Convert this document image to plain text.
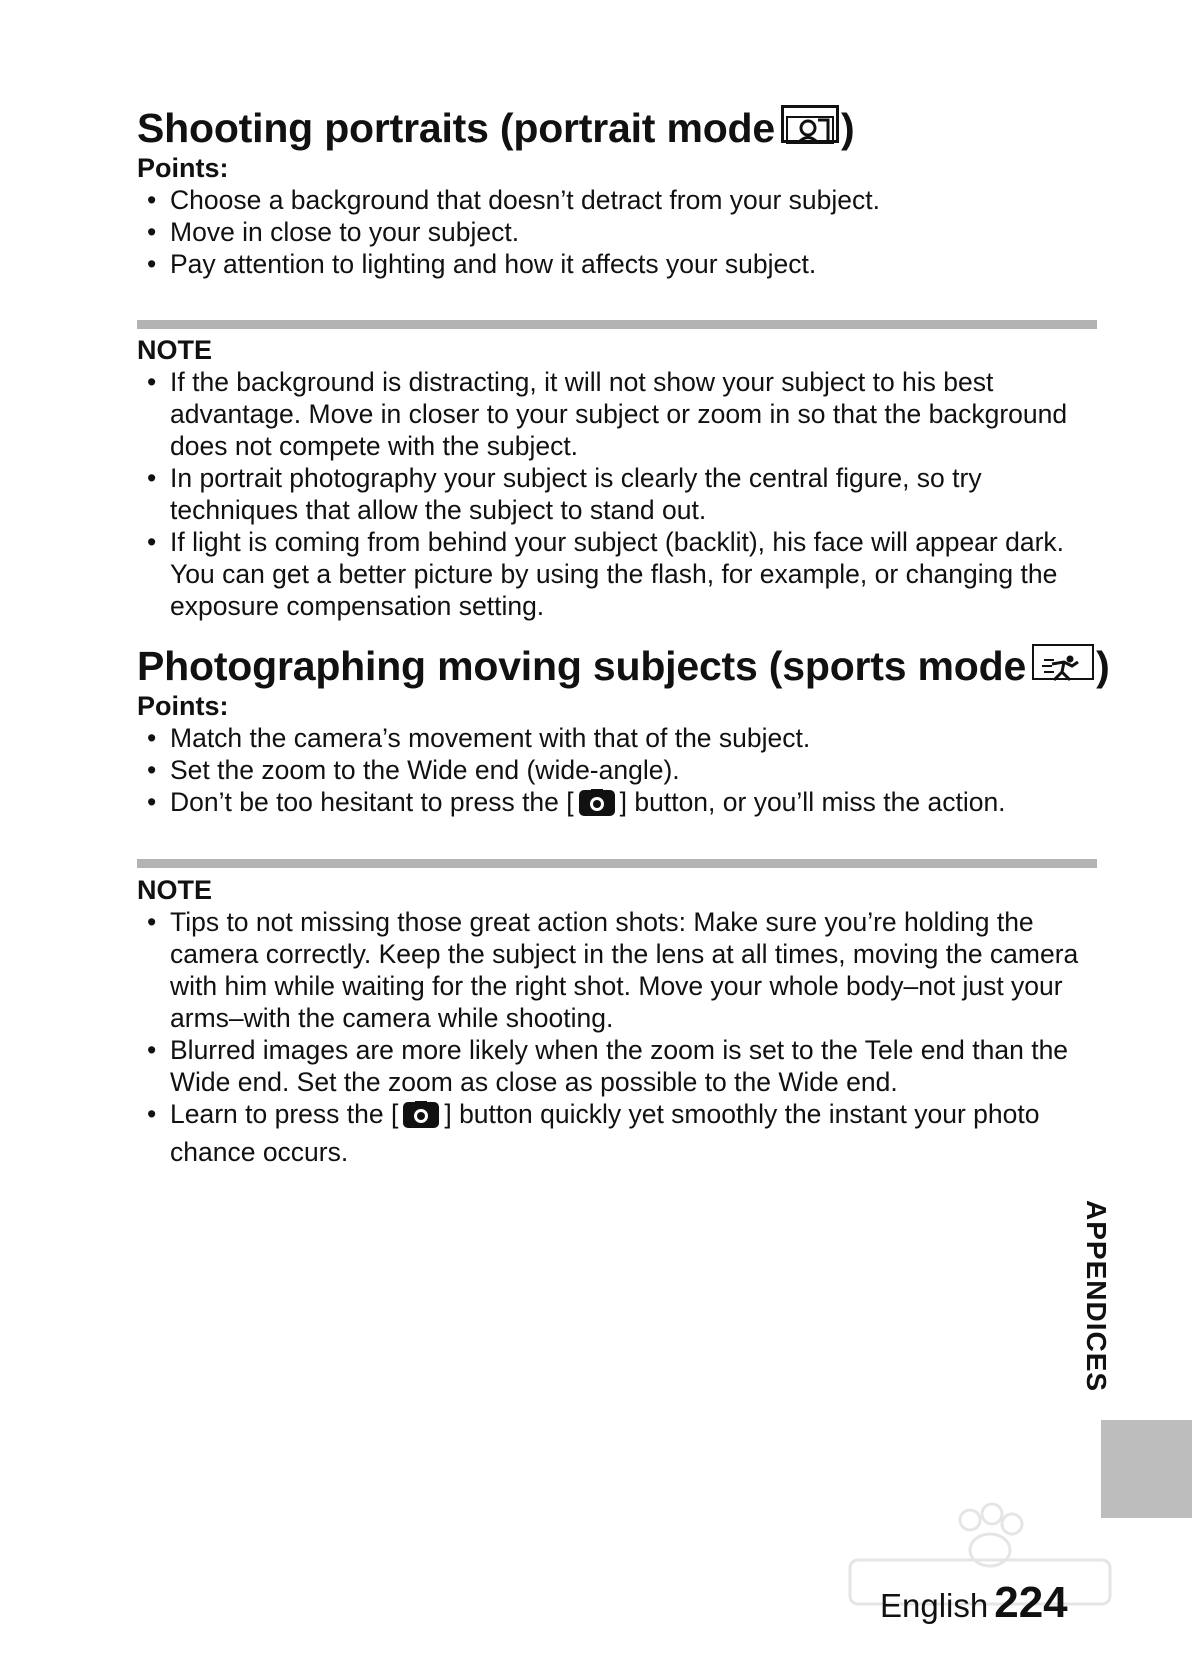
Shooting portraits (portrait mode )

Points:

• Choose a background that doesn’t detract from your subject.
• Move in close to your subject.
• Pay attention to lighting and how it affects your subject.

NOTE

• If the background is distracting, it will not show your subject to his best advantage. Move in closer to your subject or zoom in so that the background does not compete with the subject.
• In portrait photography your subject is clearly the central figure, so try techniques that allow the subject to stand out.
• If light is coming from behind your subject (backlit), his face will appear dark. You can get a better picture by using the flash, for example, or changing the exposure compensation setting.
Photographing moving subjects (sports mode )

Points:

• Match the camera’s movement with that of the subject.
• Set the zoom to the Wide end (wide-angle).
• Don’t be too hesitant to press the [ ] button, or you’ll miss the action.

NOTE

• Tips to not missing those great action shots: Make sure you’re holding the camera correctly. Keep the subject in the lens at all times, moving the camera with him while waiting for the right shot. Move your whole body–not just your arms–with the camera while shooting.
• Blurred images are more likely when the zoom is set to the Tele end than the Wide end. Set the zoom as close as possible to the Wide end.
• Learn to press the [ ] button quickly yet smoothly the instant your photo chance occurs.
APPENDICES
English 224
